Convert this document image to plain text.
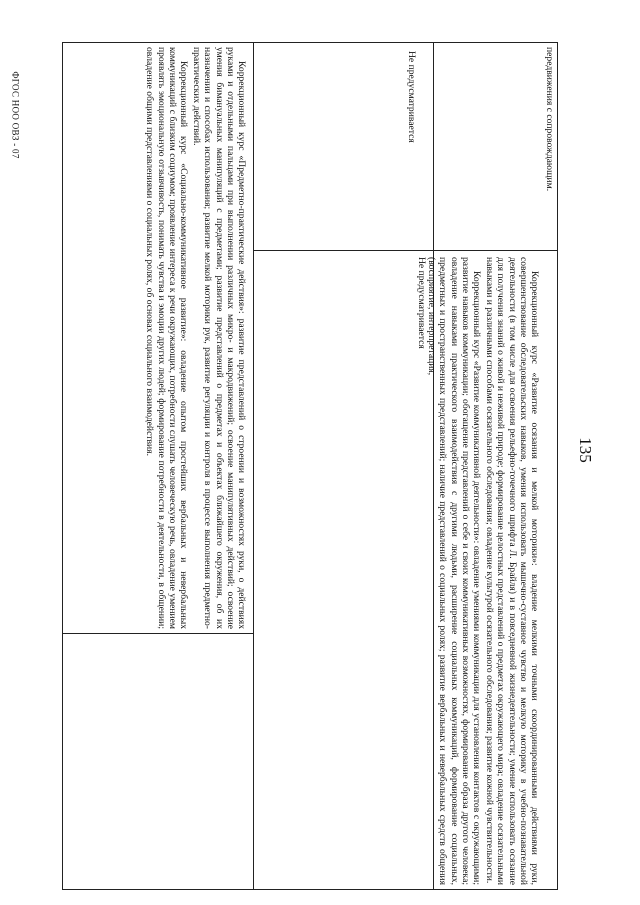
135
ФГОС НОО ОВЗ - 07	передвижения с сопровождающим.

Коррекционный курс «Развитие осязания и мелкой моторики»: владение мелкими точными скоординированными действиями руки, совершенствование обследовательских навыков, умения использовать мышечно-суставное чувство и мелкую моторику в учебно-познавательной деятельности (в том числе для освоения рельефно-точечного шрифта Л. Брайля) и в повседневной жизнедеятельности; умение использовать осязание для получения знаний о живой и неживой природе; формирование целостных представлений о предметах окружающего мира; овладение осязательными навыками и различными способами осязательного обследования; овладение культурой осязательного обследования; развитие кожной чувствительности.

Коррекционный курс «Развитие коммуникативной деятельности»: овладение умениями коммуникации для установления контактов с окружающими; развитие навыков коммуникации; обогащение представлений о себе и своих коммуникативных возможностях, формирование образа другого человека; овладение навыками практического взаимодействия с другими людьми, расширение социальных коммуникаций, формирование социальных, предметных и пространственных представлений; наличие представлений о социальных ролях; развитие вербальных и невербальных средств общения (восприятие, интерпретация,

Не предусматривается

Не предусматривается

Коррекционный курс «Предметно-практические действия»: развитие представлений о строении и возможностях руки, о действиях руками и отдельными пальцами при выполнении различных микро- и макродвижений; освоение манипулятивных действий; освоение умения бимануальных манипуляций с предметами; развитие представлений о предметах и объектах ближайшего окружения, об их назначении и способах использования; развитие мелкой моторики рук, развитие регуляции и контроля в процессе выполнения предметно-практических действий.

Коррекционный курс «Социально-коммуникативное развитие»: овладение опытом простейших вербальных и невербальных коммуникаций с близким социумом; проявление интереса к речи окружающих, потребности слушать человеческую речь, овладение умением проявлять эмоциональную отзывчивость, понимать чувства и эмоции других людей; формирование потребности в деятельности, в общении; овладение общими представлениями о социальных ролях, об основах социального взаимодействия.
